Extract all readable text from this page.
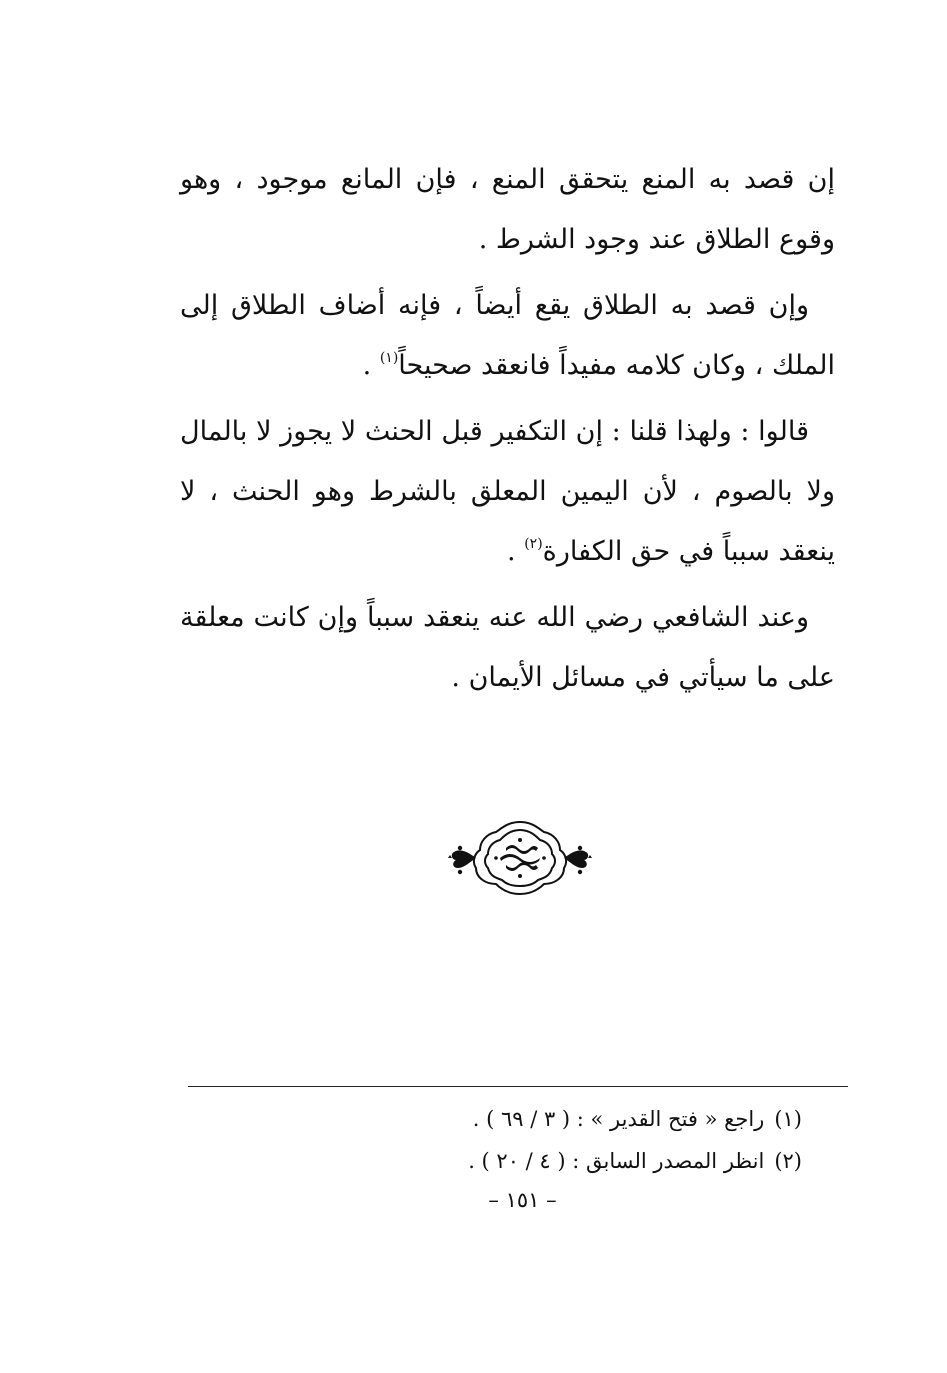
إن قصد به المنع يتحقق المنع ، فإن المانع موجود ، وهو وقوع الطلاق عند وجود الشرط .

وإن قصد به الطلاق يقع أيضاً ، فإنه أضاف الطلاق إلى الملك ، وكان كلامه مفيداً فانعقد صحيحاً$^{(١)}$ .

قالوا : ولهذا قلنا : إن التكفير قبل الحنث لا يجوز لا بالمال ولا بالصوم ، لأن اليمين المعلق بالشرط وهو الحنث ، لا ينعقد سبباً في حق الكفارة$^{(٢)}$ .

وعند الشافعي رضي الله عنه ينعقد سبباً وإن كانت معلقة على ما سيأتي في مسائل الأيمان .

(١)راجع « فتح القدير » : ( ٣ / ٦٩ ) .
(٢)انظر المصدر السابق : ( ٤ / ٢٠ ) .
– ١٥١ –
